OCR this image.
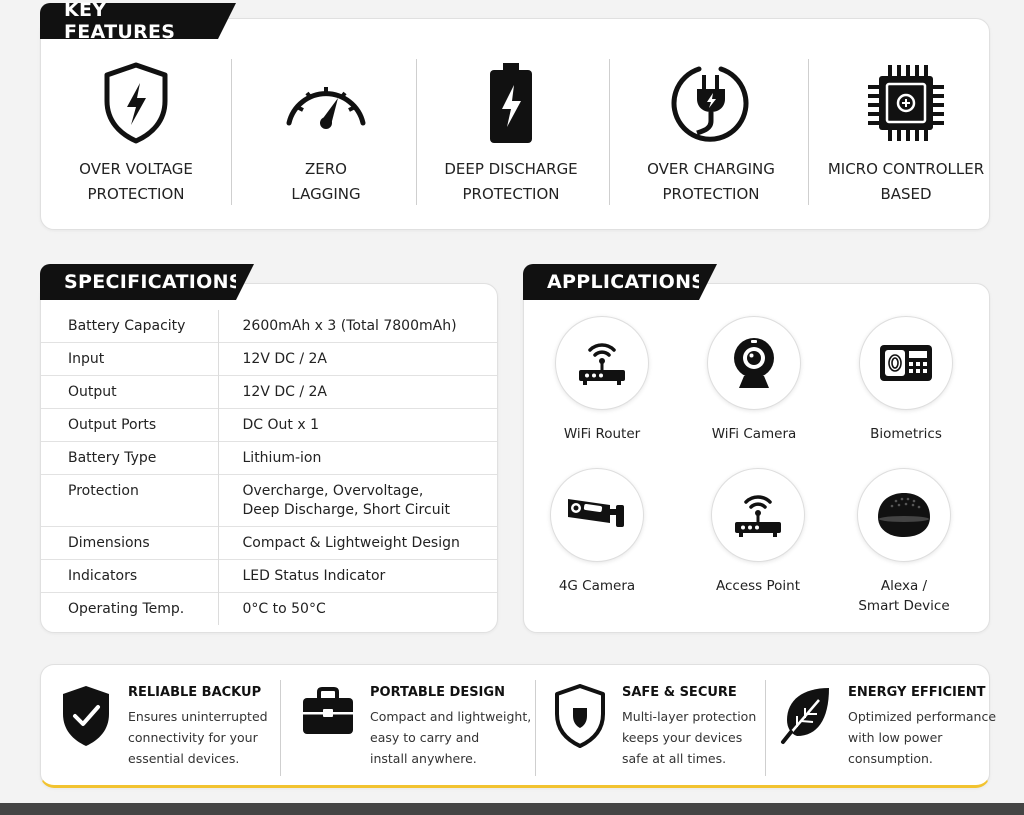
OVER VOLTAGE
PROTECTION
ZERO
LAGGING
DEEP DISCHARGE
PROTECTION
OVER CHARGING
PROTECTION
MICRO CONTROLLER
BASED
KEY FEATURES
SPECIFICATIONS
Battery Capacity	2600mAh x 3 (Total 7800mAh)
Input	12V DC / 2A
Output	12V DC / 2A
Output Ports	DC Out x 1
Battery Type	Lithium-ion
Protection	Overcharge, Overvoltage,
Deep Discharge, Short Circuit
Dimensions	Compact & Lightweight Design
Indicators	LED Status Indicator
Operating Temp.	0°C to 50°C
APPLICATIONS
WiFi Router	WiFi Camera	Biometrics
4G Camera	Access Point	Alexa /
Smart Device
RELIABLE BACKUP
Ensures uninterrupted
connectivity for your
essential devices.
PORTABLE DESIGN
Compact and lightweight,
easy to carry and
install anywhere.
SAFE & SECURE
Multi-layer protection
keeps your devices
safe at all times.
ENERGY EFFICIENT
Optimized performance
with low power
consumption.
